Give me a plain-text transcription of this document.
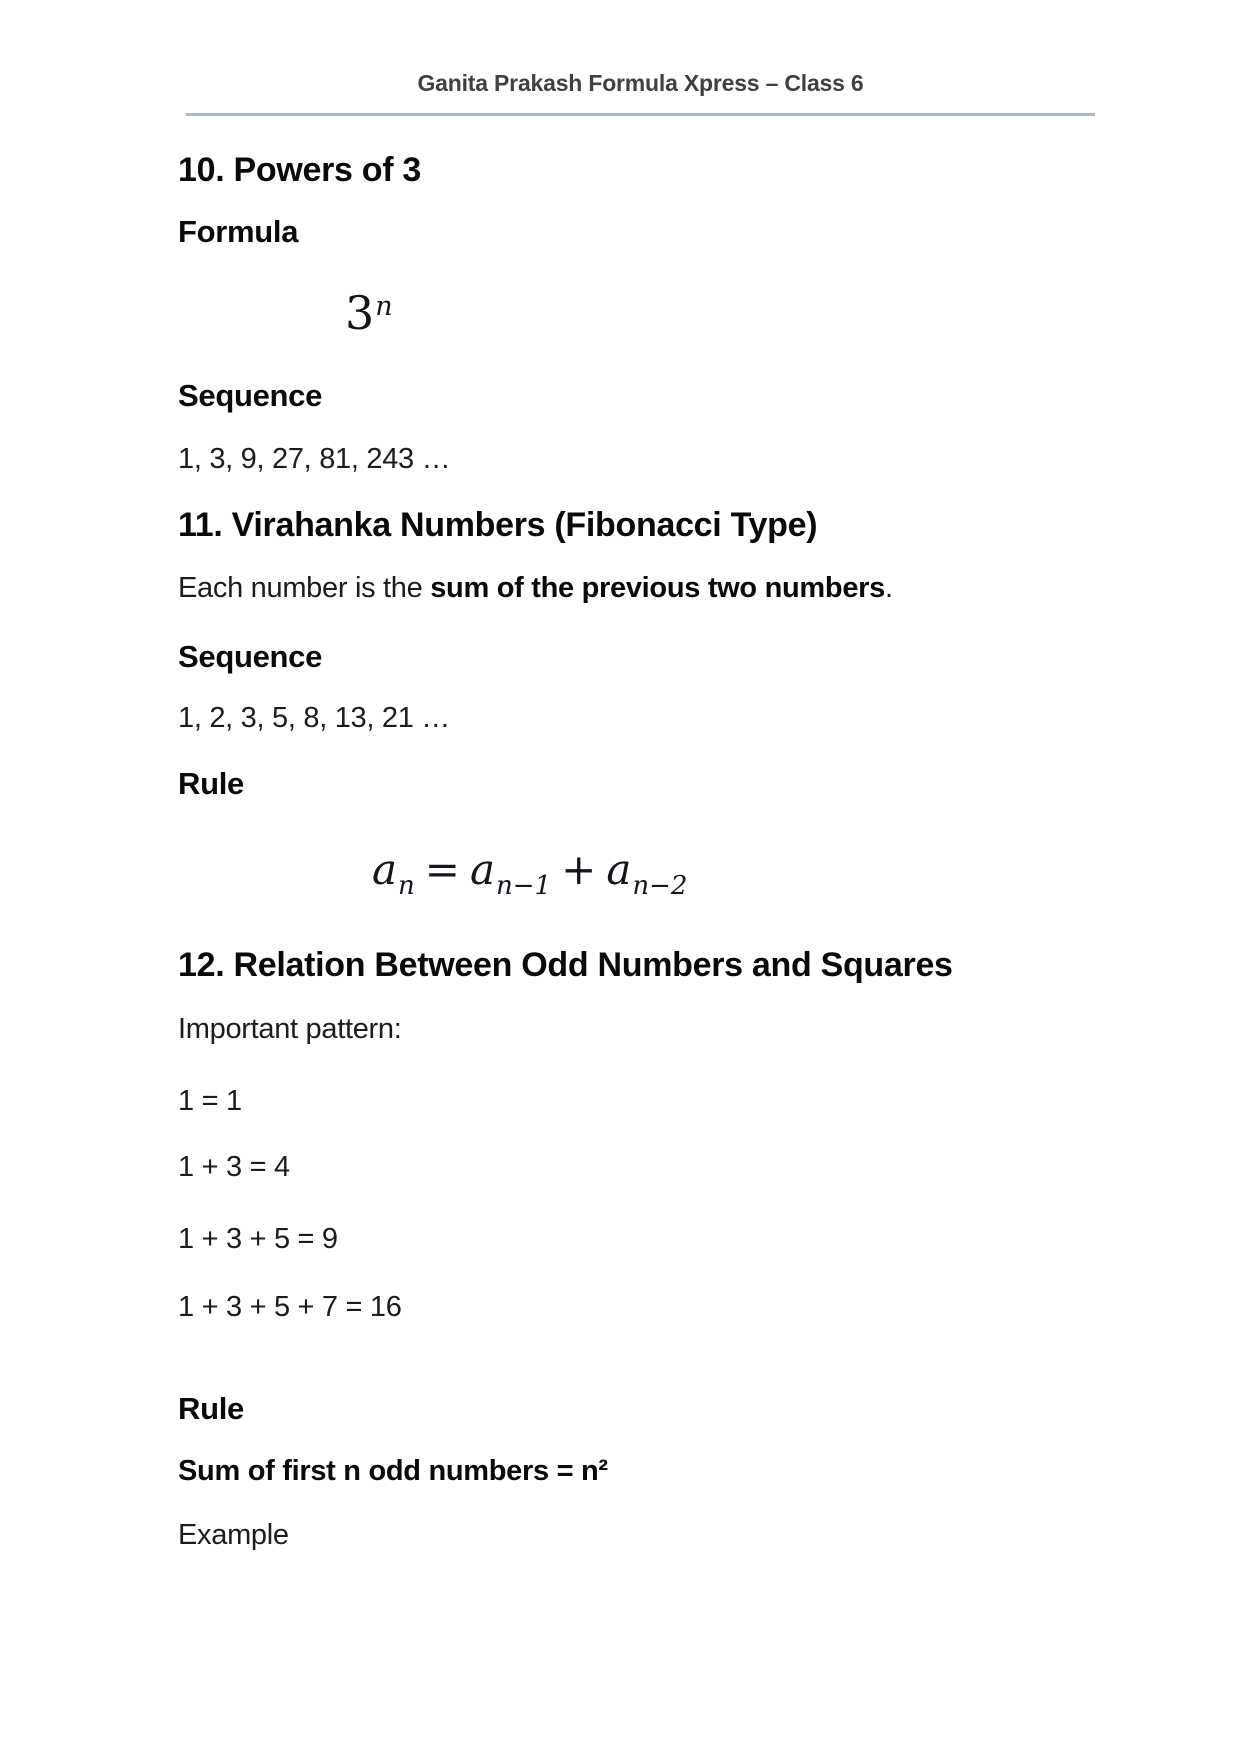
Ganita Prakash Formula Xpress – Class 6
10. Powers of 3
Formula
3$^n$
Sequence
1, 3, 9, 27, 81, 243 …
11. Virahanka Numbers (Fibonacci Type)
Each number is the sum of the previous two numbers.
Sequence
1, 2, 3, 5, 8, 13, 21 …
Rule
$a_n = a_{n-1} + a_{n-2}$
12. Relation Between Odd Numbers and Squares
Important pattern:
1 = 1
1 + 3 = 4
1 + 3 + 5 = 9
1 + 3 + 5 + 7 = 16
Rule
Sum of first n odd numbers = n²
Example
